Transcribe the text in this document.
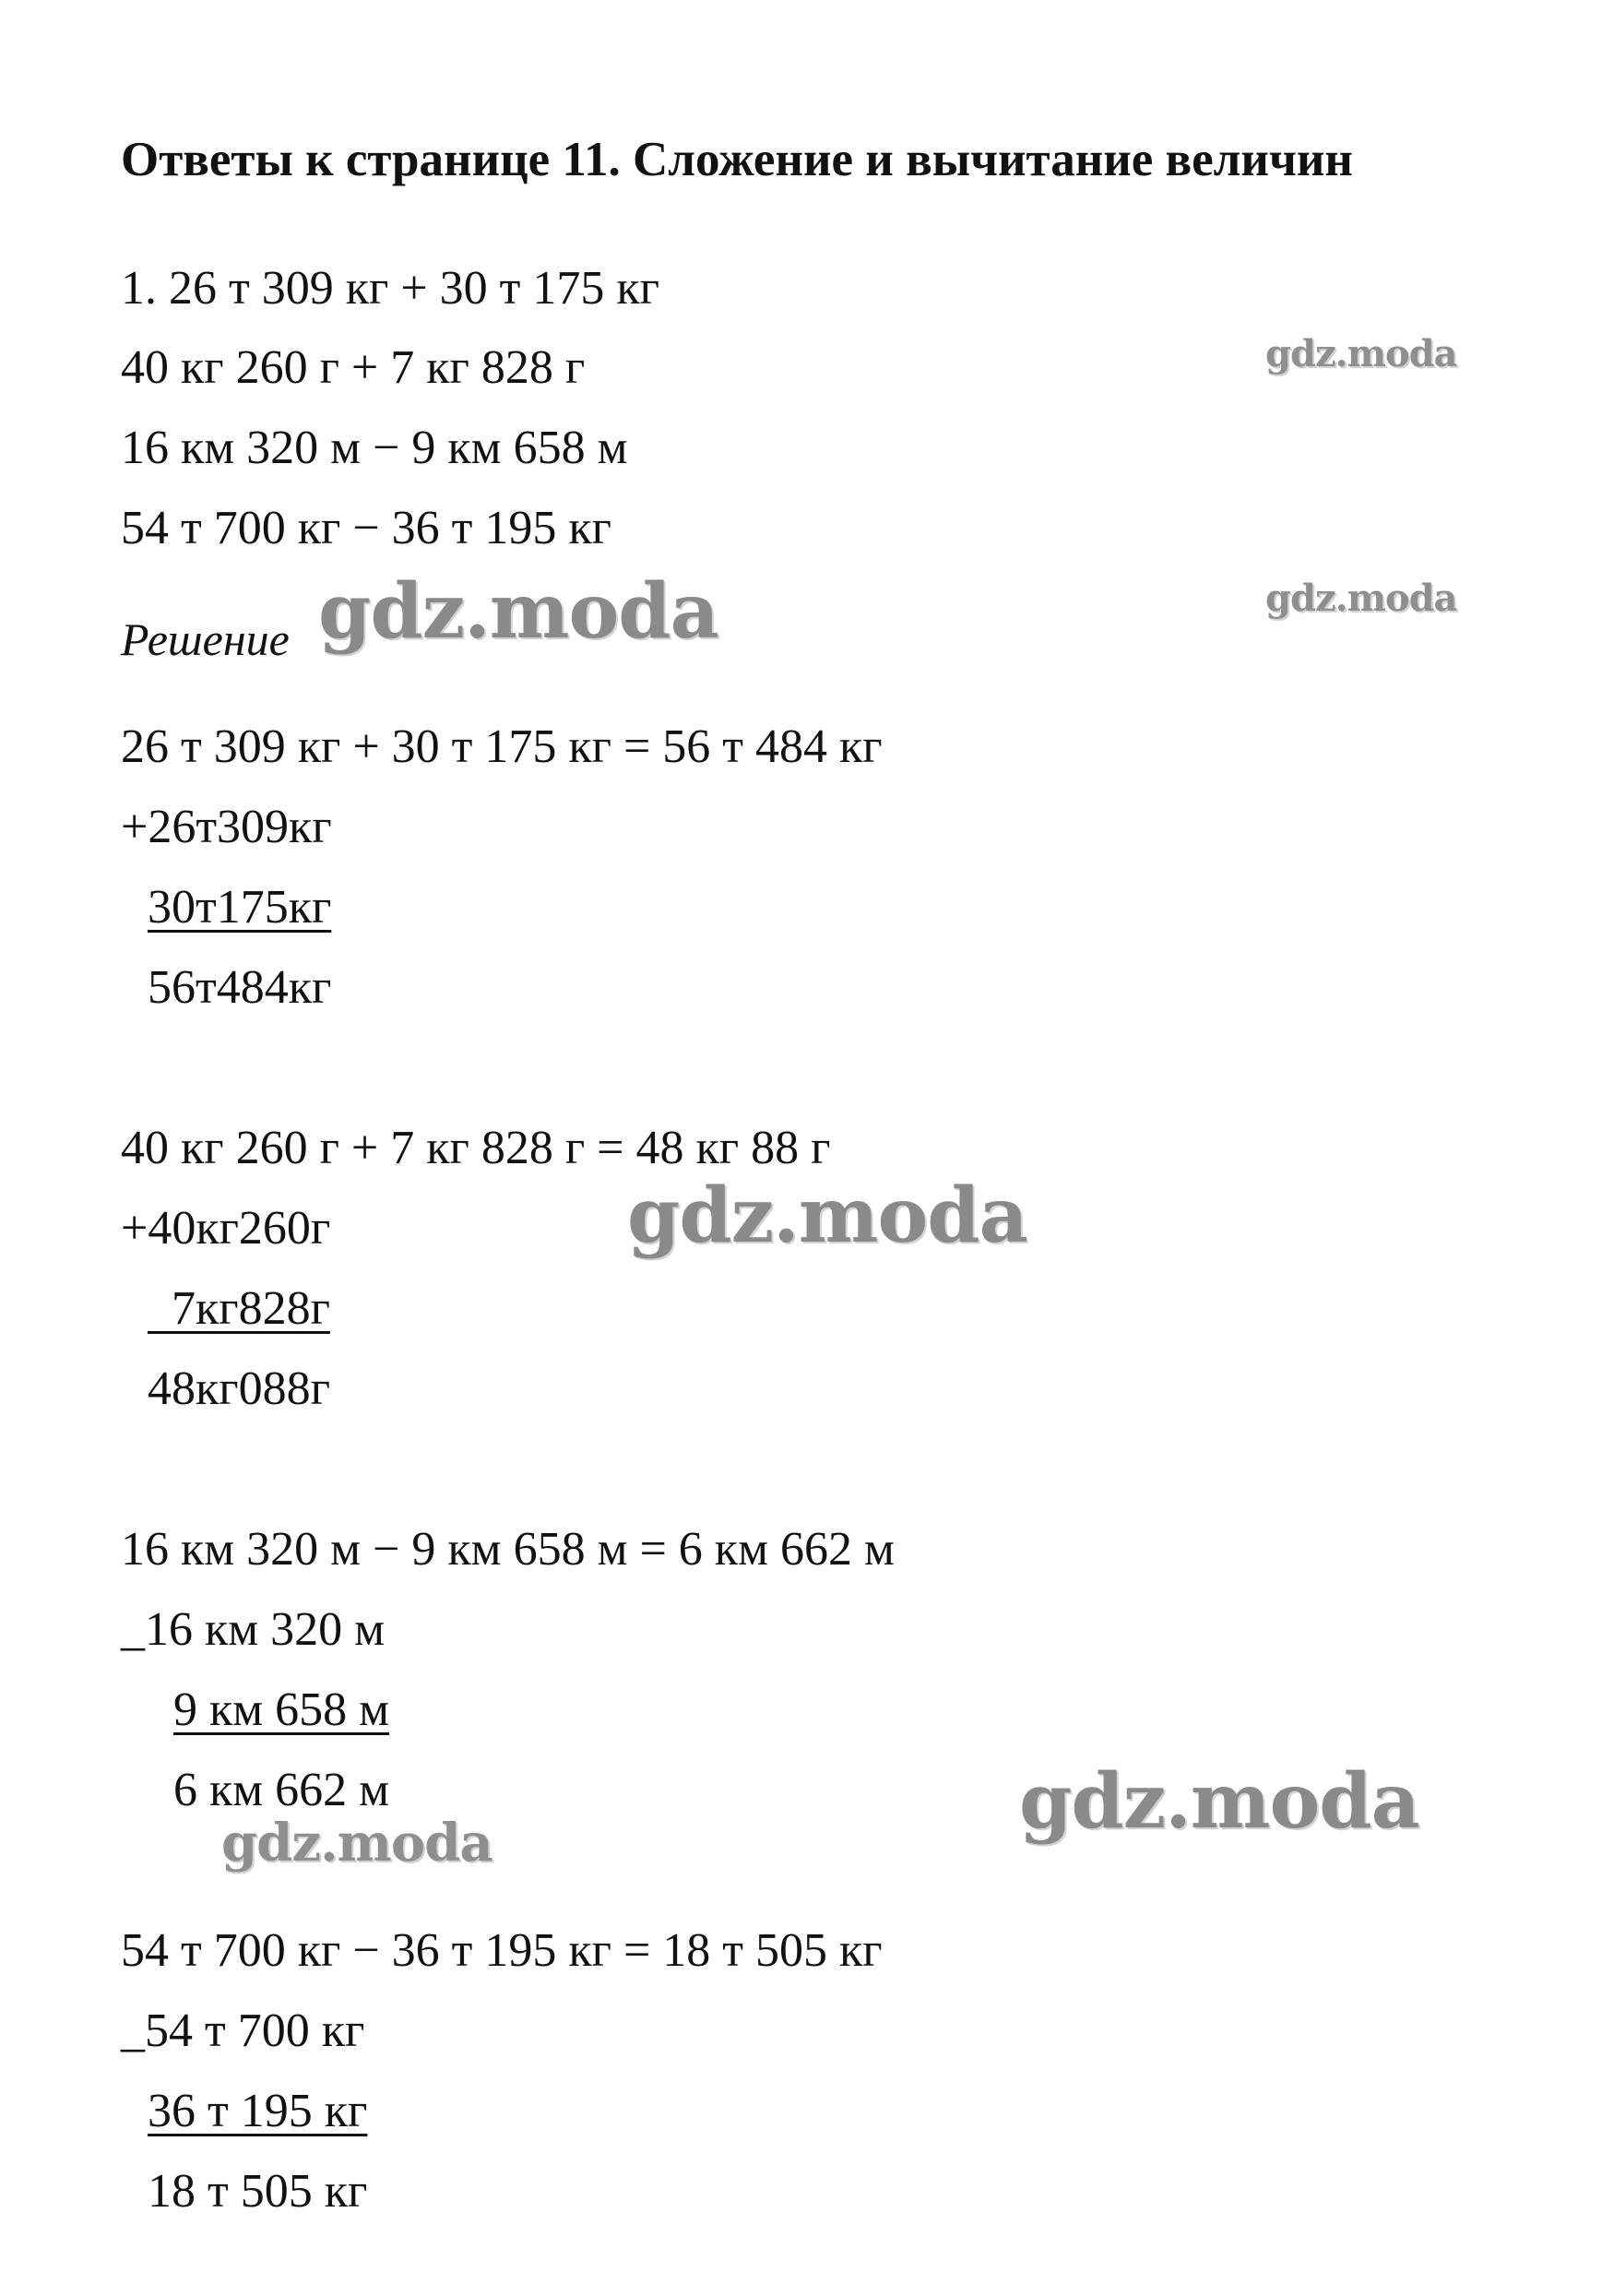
Ответы к странице 11. Сложение и вычитание величин
1. 26 т 309 кг + 30 т 175 кг
40 кг 260 г + 7 кг 828 г
16 км 320 м − 9 км 658 м
54 т 700 кг − 36 т 195 кг
Решение
26 т 309 кг + 30 т 175 кг = 56 т 484 кг
+26т309кг
30т175кг
56т484кг
40 кг 260 г + 7 кг 828 г = 48 кг 88 г
+40кг260г
7кг828г
48кг088г
16 км 320 м − 9 км 658 м = 6 км 662 м
_16 км 320 м
9 км 658 м
6 км 662 м
54 т 700 кг − 36 т 195 кг = 18 т 505 кг
_54 т 700 кг
36 т 195 кг
18 т 505 кг
gdz.moda
gdz.moda
gdz.moda
gdz.moda
gdz.moda
gdz.moda
